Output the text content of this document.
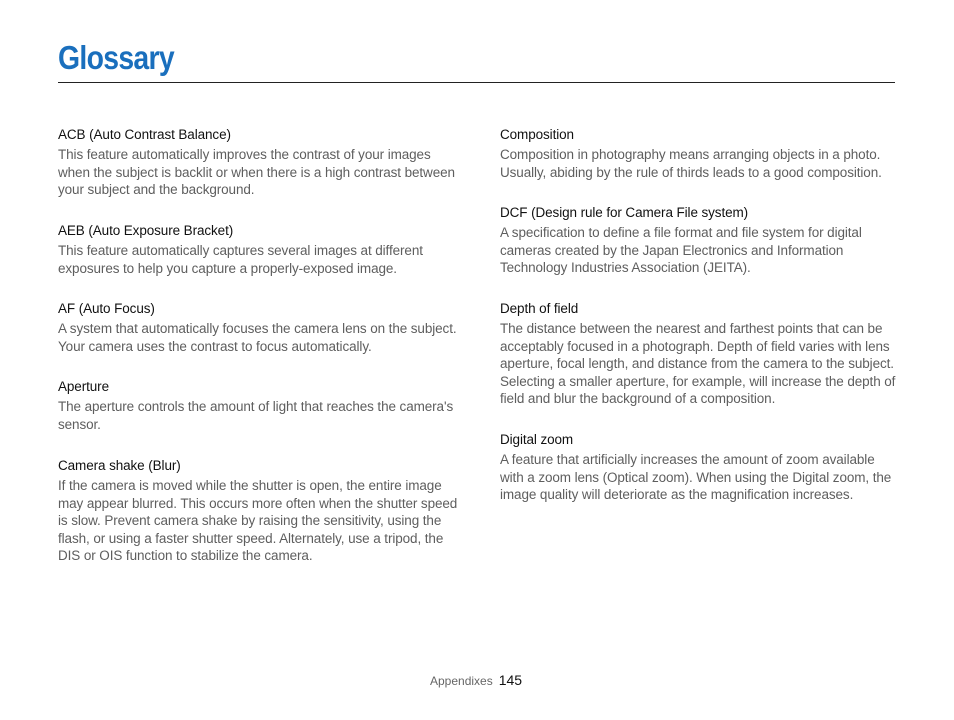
Glossary
ACB (Auto Contrast Balance)

This feature automatically improves the contrast of your images when the subject is backlit or when there is a high contrast between your subject and the background.

AEB (Auto Exposure Bracket)

This feature automatically captures several images at different exposures to help you capture a properly-exposed image.

AF (Auto Focus)

A system that automatically focuses the camera lens on the subject. Your camera uses the contrast to focus automatically.

Aperture

The aperture controls the amount of light that reaches the camera's sensor.

Camera shake (Blur)

If the camera is moved while the shutter is open, the entire image may appear blurred. This occurs more often when the shutter speed is slow. Prevent camera shake by raising the sensitivity, using the flash, or using a faster shutter speed. Alternately, use a tripod, the DIS or OIS function to stabilize the camera.

Composition

Composition in photography means arranging objects in a photo. Usually, abiding by the rule of thirds leads to a good composition.

DCF (Design rule for Camera File system)

A specification to define a file format and file system for digital cameras created by the Japan Electronics and Information Technology Industries Association (JEITA).

Depth of field

The distance between the nearest and farthest points that can be acceptably focused in a photograph. Depth of field varies with lens aperture, focal length, and distance from the camera to the subject. Selecting a smaller aperture, for example, will increase the depth of field and blur the background of a composition.

Digital zoom

A feature that artificially increases the amount of zoom available with a zoom lens (Optical zoom). When using the Digital zoom, the image quality will deteriorate as the magnification increases.

Appendixes 145
